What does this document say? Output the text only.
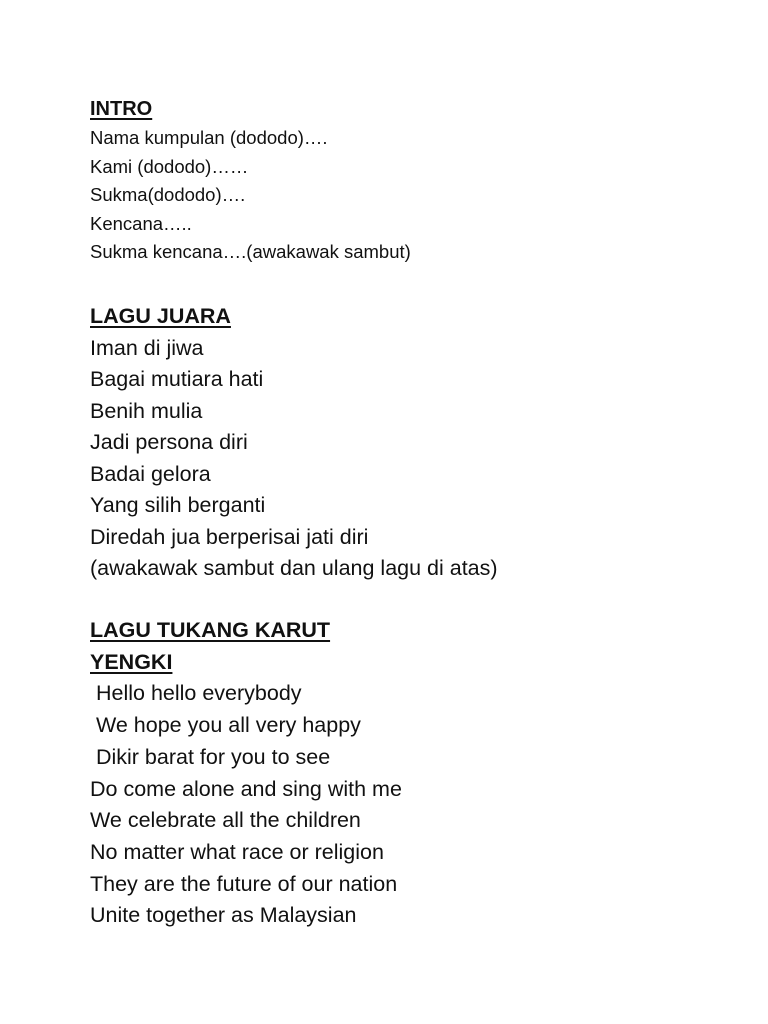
INTRO

Nama kumpulan (dododo)….

Kami (dododo)……

Sukma(dododo)….

Kencana…..

Sukma kencana….(awakawak sambut)

LAGU JUARA

Iman di jiwa

Bagai mutiara hati

Benih mulia

Jadi persona diri

Badai gelora

Yang silih berganti

Diredah jua berperisai jati diri

(awakawak sambut dan ulang lagu di atas)

LAGU TUKANG KARUT

YENGKI

Hello hello everybody

We hope you all very happy

Dikir barat for you to see

Do come alone and sing with me

We celebrate all the children

No matter what race or religion

They are the future of our nation

Unite together as Malaysian
